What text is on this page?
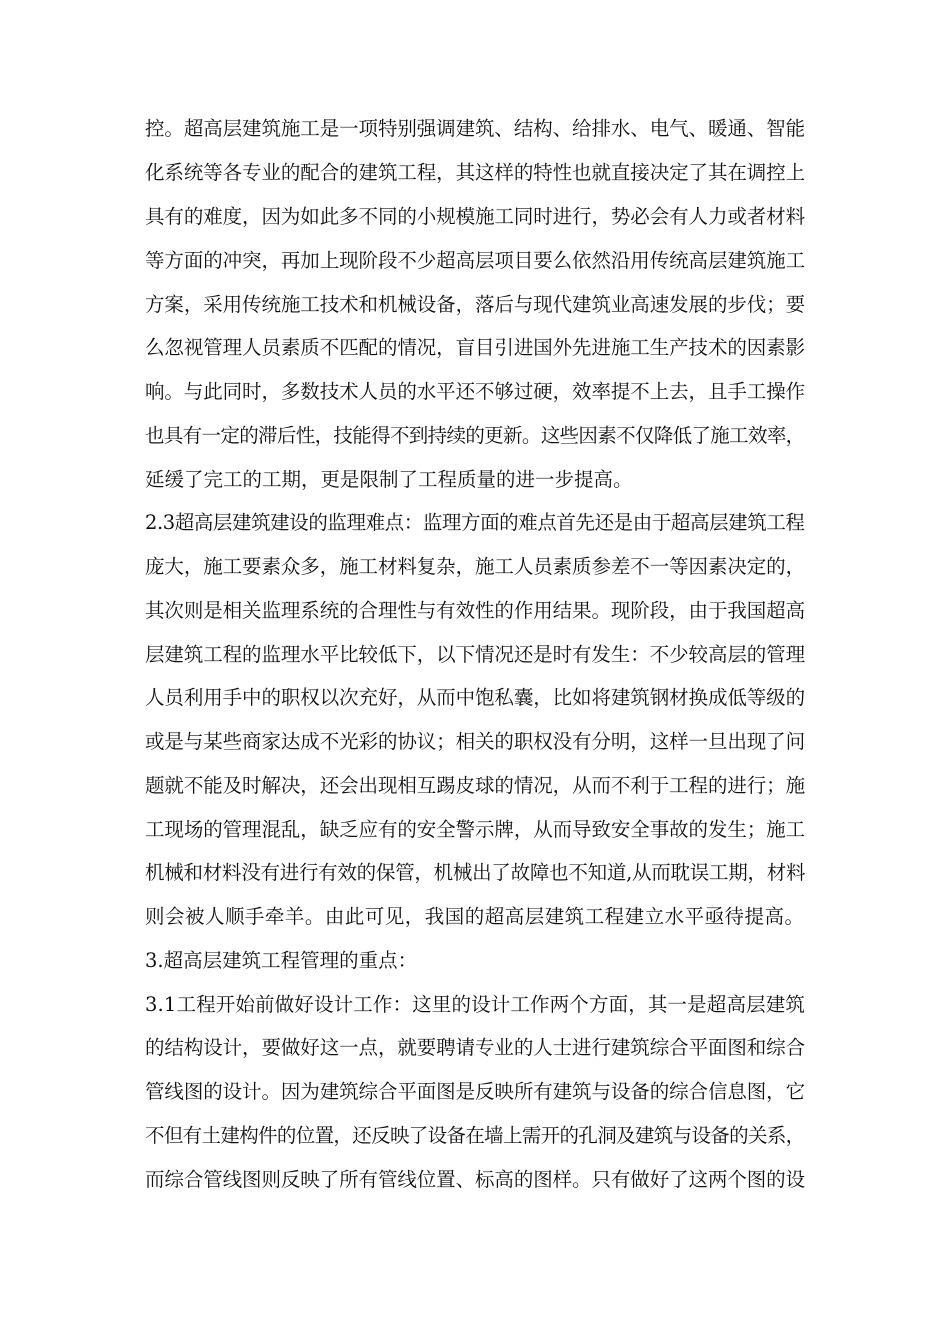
控。超高层建筑施工是一项特别强调建筑、结构、给排水、电气、暖通、智能
化系统等各专业的配合的建筑工程，其这样的特性也就直接决定了其在调控上
具有的难度，因为如此多不同的小规模施工同时进行，势必会有人力或者材料
等方面的冲突，再加上现阶段不少超高层项目要么依然沿用传统高层建筑施工
方案，采用传统施工技术和机械设备，落后与现代建筑业高速发展的步伐；要
么忽视管理人员素质不匹配的情况，盲目引进国外先进施工生产技术的因素影
响。与此同时，多数技术人员的水平还不够过硬，效率提不上去，且手工操作
也具有一定的滞后性，技能得不到持续的更新。这些因素不仅降低了施工效率，
延缓了完工的工期，更是限制了工程质量的进一步提高。
2.3超高层建筑建设的监理难点：监理方面的难点首先还是由于超高层建筑工程
庞大，施工要素众多，施工材料复杂，施工人员素质参差不一等因素决定的，
其次则是相关监理系统的合理性与有效性的作用结果。现阶段，由于我国超高
层建筑工程的监理水平比较低下，以下情况还是时有发生：不少较高层的管理
人员利用手中的职权以次充好，从而中饱私囊，比如将建筑钢材换成低等级的
或是与某些商家达成不光彩的协议；相关的职权没有分明，这样一旦出现了问
题就不能及时解决，还会出现相互踢皮球的情况，从而不利于工程的进行；施
工现场的管理混乱，缺乏应有的安全警示牌，从而导致安全事故的发生；施工
机械和材料没有进行有效的保管，机械出了故障也不知道,从而耽误工期，材料
则会被人顺手牵羊。由此可见，我国的超高层建筑工程建立水平亟待提高。
3.超高层建筑工程管理的重点：
3.1工程开始前做好设计工作：这里的设计工作两个方面，其一是超高层建筑
的结构设计，要做好这一点，就要聘请专业的人士进行建筑综合平面图和综合
管线图的设计。因为建筑综合平面图是反映所有建筑与设备的综合信息图，它
不但有土建构件的位置，还反映了设备在墙上需开的孔洞及建筑与设备的关系，
而综合管线图则反映了所有管线位置、标高的图样。只有做好了这两个图的设
